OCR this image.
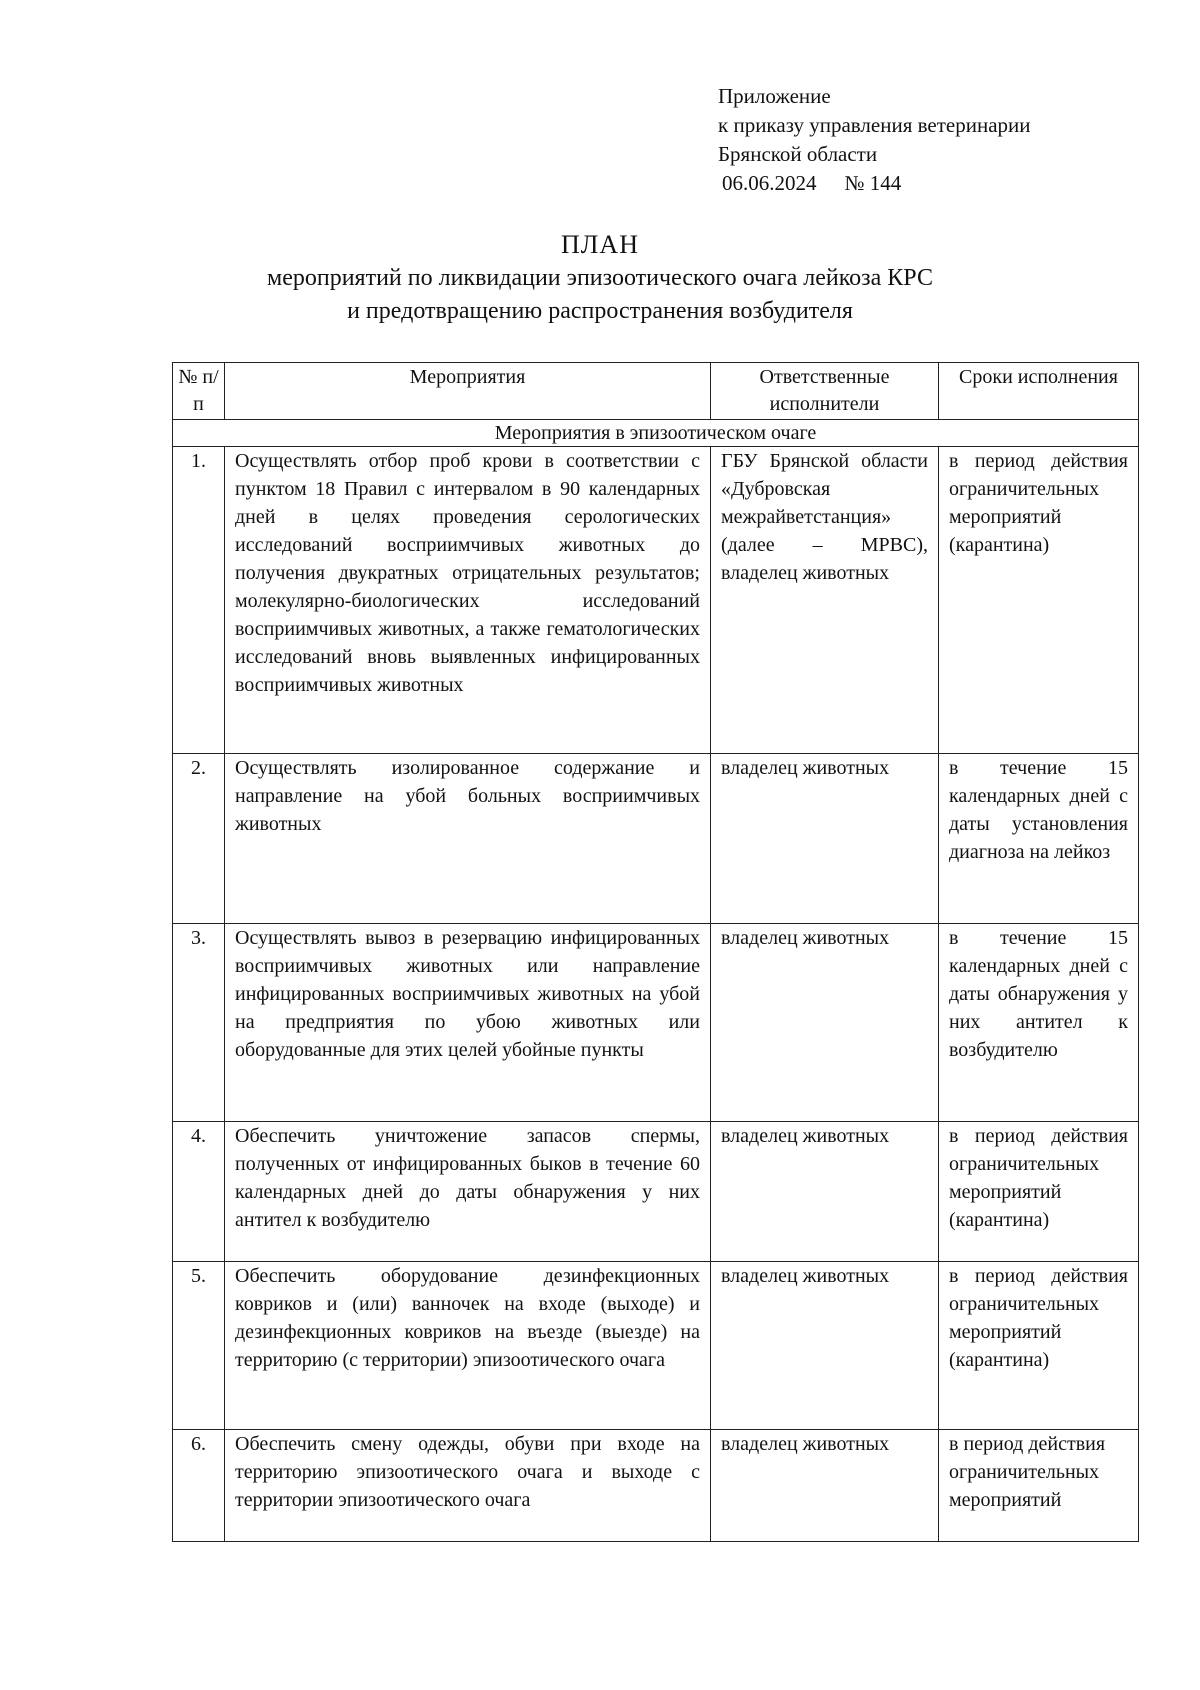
Приложение
к приказу управления ветеринарии
Брянской области
06.06.2024 № 144
ПЛАН
мероприятий по ликвидации эпизоотического очага лейкоза КРС
и предотвращению распространения возбудителя
№ п/п	Мероприятия	Ответственные исполнители	Сроки исполнения
Мероприятия в эпизоотическом очаге			
1.	Осуществлять отбор проб крови в соответствии с пунктом 18 Правил с интервалом в 90 календарных дней в целях проведения серологических исследований восприимчивых животных до получения двукратных отрицательных результатов; молекулярно-биологических исследований восприимчивых животных, а также гематологических исследований вновь выявленных инфицированных восприимчивых животных	ГБУ Брянской области «Дубровская межрайветстанция» (далее – МРВС), владелец животных	в период действия ограничительных мероприятий (карантина)
2.	Осуществлять изолированное содержание и направление на убой больных восприимчивых животных	владелец животных	в течение 15 календарных дней с даты установления диагноза на лейкоз
3.	Осуществлять вывоз в резервацию инфицированных восприимчивых животных или направление инфицированных восприимчивых животных на убой на предприятия по убою животных или оборудованные для этих целей убойные пункты	владелец животных	в течение 15 календарных дней с даты обнаружения у них антител к возбудителю
4.	Обеспечить уничтожение запасов спермы, полученных от инфицированных быков в течение 60 календарных дней до даты обнаружения у них антител к возбудителю	владелец животных	в период действия ограничительных мероприятий (карантина)
5.	Обеспечить оборудование дезинфекционных ковриков и (или) ванночек на входе (выходе) и дезинфекционных ковриков на въезде (выезде) на территорию (с территории) эпизоотического очага	владелец животных	в период действия ограничительных мероприятий (карантина)
6.	Обеспечить смену одежды, обуви при входе на территорию эпизоотического очага и выходе с территории эпизоотического очага	владелец животных	в период действия ограничительных мероприятий
